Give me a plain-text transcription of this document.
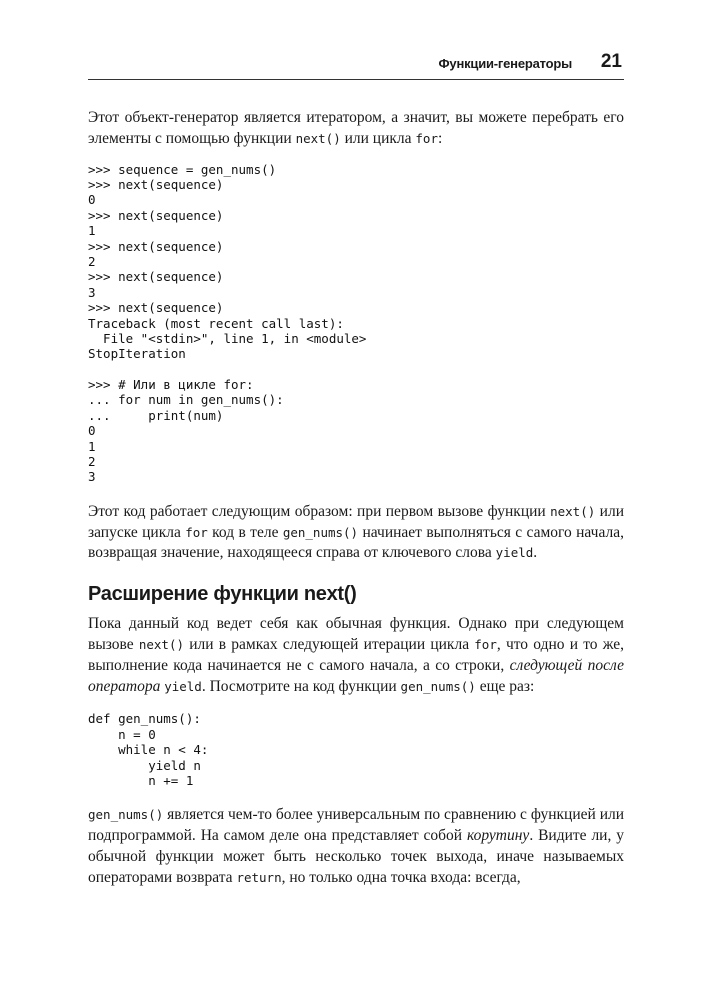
Функции-генераторы 21

Этот объект-генератор является итератором, а значит, вы можете перебрать его элементы с помощью функции next() или цикла for:

>>> sequence = gen_nums()
>>> next(sequence)
0
>>> next(sequence)
1
>>> next(sequence)
2
>>> next(sequence)
3
>>> next(sequence)
Traceback (most recent call last):
File "<stdin>", line 1, in <module>
StopIteration
>>> # Или в цикле for:
... for num in gen_nums():
...     print(num)
0
1
2
3

Этот код работает следующим образом: при первом вызове функции next() или запуске цикла for код в теле gen_nums() начинает выполняться с самого начала, возвращая значение, находящееся справа от ключевого слова yield.

Расширение функции next()

Пока данный код ведет себя как обычная функция. Однако при следующем вызове next() или в рамках следующей итерации цикла for, что одно и то же, выполнение кода начинается не с самого начала, а со строки, следующей после оператора yield. Посмотрите на код функции gen_nums() еще раз:

def gen_nums():
n = 0
while n < 4:
yield n
n += 1

gen_nums() является чем-то более универсальным по сравнению с функцией или подпрограммой. На самом деле она представляет собой корутину. Видите ли, у обычной функции может быть несколько точек выхода, иначе называемых операторами возврата return, но только одна точка входа: всегда,
